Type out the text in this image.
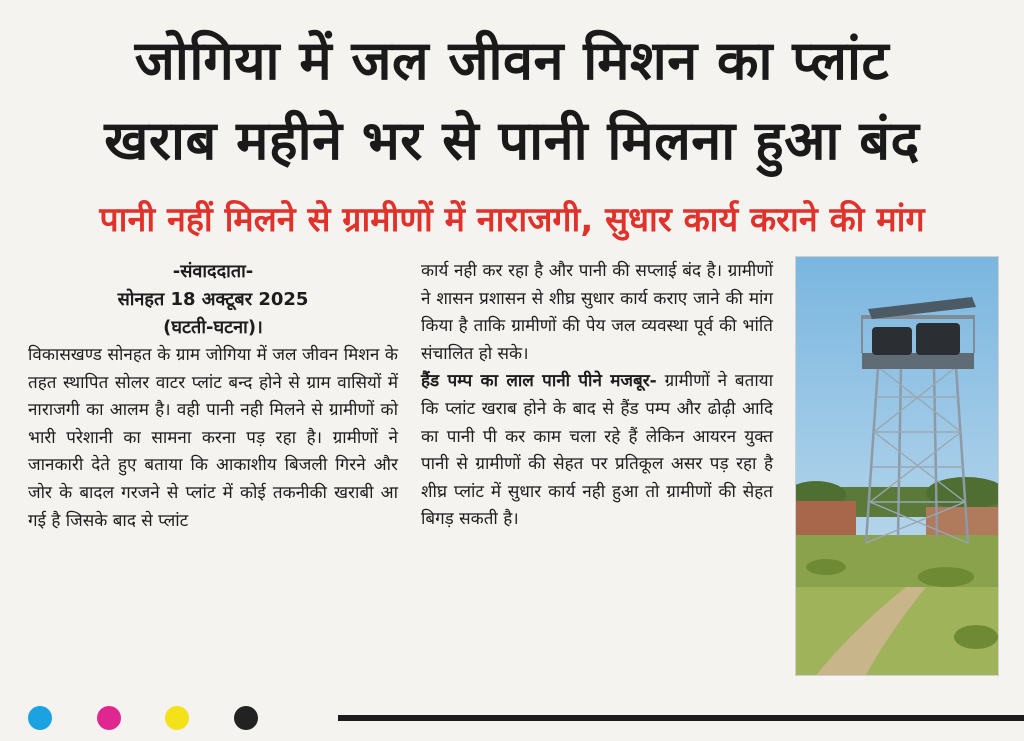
जोगिया में जल जीवन मिशन का प्लांट
खराब महीने भर से पानी मिलना हुआ बंद
पानी नहीं मिलने से ग्रामीणों में नाराजगी, सुधार कार्य कराने की मांग
-संवाददाता-
सोनहत 18 अक्टूबर 2025
(घटती-घटना)।

विकासखण्ड सोनहत के ग्राम जोगिया में जल जीवन मिशन के तहत स्थापित सोलर वाटर प्लांट बन्द होने से ग्राम वासियों में नाराजगी का आलम है। वही पानी नही मिलने से ग्रामीणों को भारी परेशानी का सामना करना पड़ रहा है। ग्रामीणों ने जानकारी देते हुए बताया कि आकाशीय बिजली गिरने और जोर के बादल गरजने से प्लांट में कोई तकनीकी खराबी आ गई है जिसके बाद से प्लांट

कार्य नही कर रहा है और पानी की सप्लाई बंद है। ग्रामीणों ने शासन प्रशासन से शीघ्र सुधार कार्य कराए जाने की मांग किया है ताकि ग्रामीणों की पेय जल व्यवस्था पूर्व की भांति संचालित हो सके।

हैंड पम्प का लाल पानी पीने मजबूर- ग्रामीणों ने बताया कि प्लांट खराब होने के बाद से हैंड पम्प और ढोढ़ी आदि का पानी पी कर काम चला रहे हैं लेकिन आयरन युक्त पानी से ग्रामीणों की सेहत पर प्रतिकूल असर पड़ रहा है शीघ्र प्लांट में सुधार कार्य नही हुआ तो ग्रामीणों की सेहत बिगड़ सकती है।
